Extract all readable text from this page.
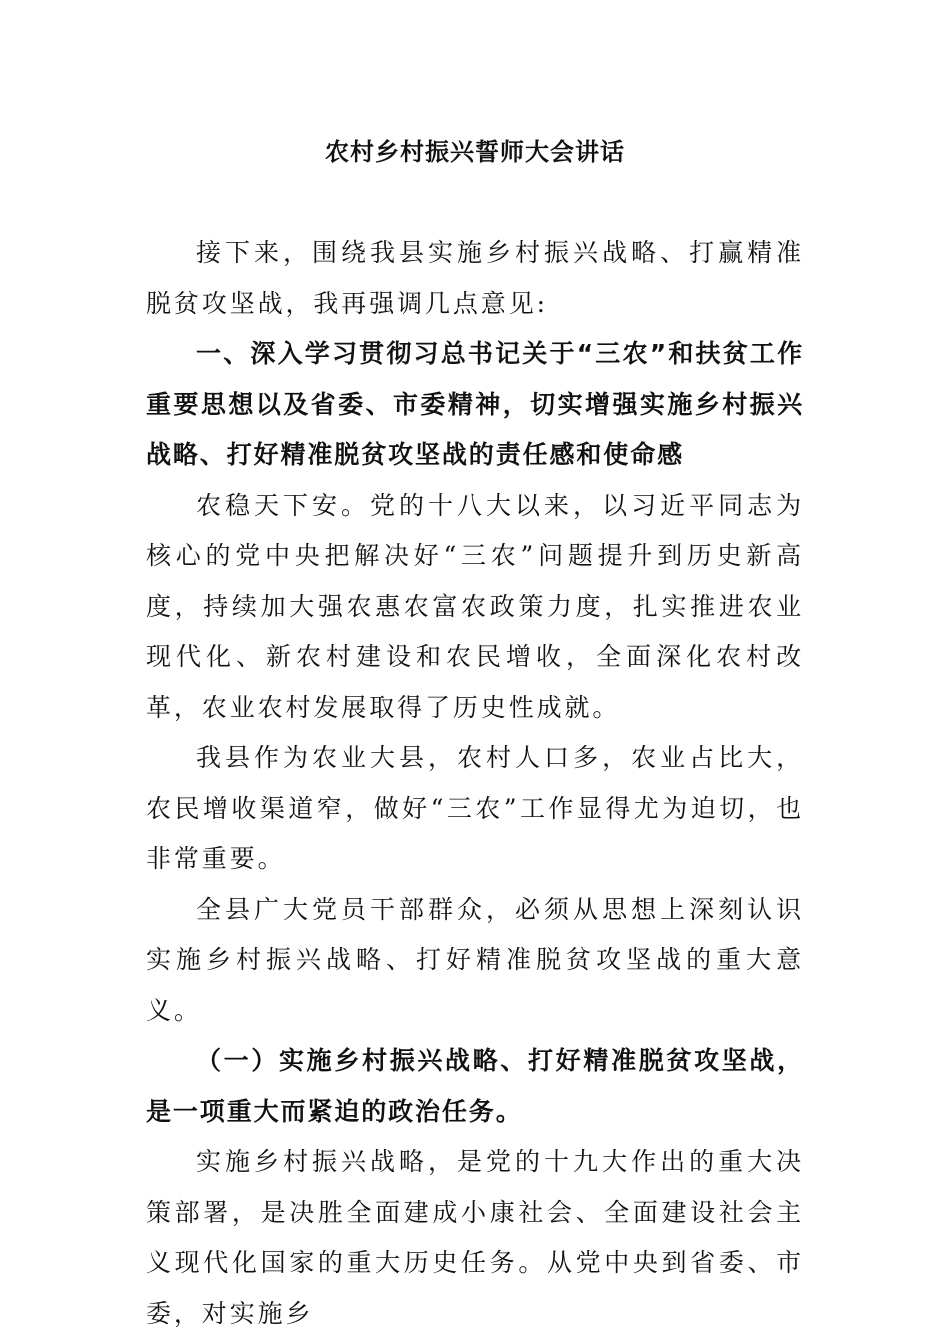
农村乡村振兴誓师大会讲话

接下来，围绕我县实施乡村振兴战略、打赢精准脱贫攻坚战，我再强调几点意见:

一、深入学习贯彻习总书记关于“三农”和扶贫工作重要思想以及省委、市委精神，切实增强实施乡村振兴战略、打好精准脱贫攻坚战的责任感和使命感

农稳天下安。党的十八大以来，以习近平同志为核心的党中央把解决好“三农”问题提升到历史新高度，持续加大强农惠农富农政策力度，扎实推进农业现代化、新农村建设和农民增收，全面深化农村改革，农业农村发展取得了历史性成就。

我县作为农业大县，农村人口多，农业占比大，农民增收渠道窄，做好“三农”工作显得尤为迫切，也非常重要。

全县广大党员干部群众，必须从思想上深刻认识实施乡村振兴战略、打好精准脱贫攻坚战的重大意义。

（一）实施乡村振兴战略、打好精准脱贫攻坚战，是一项重大而紧迫的政治任务。

实施乡村振兴战略，是党的十九大作出的重大决策部署，是决胜全面建成小康社会、全面建设社会主义现代化国家的重大历史任务。从党中央到省委、市委，对实施乡
